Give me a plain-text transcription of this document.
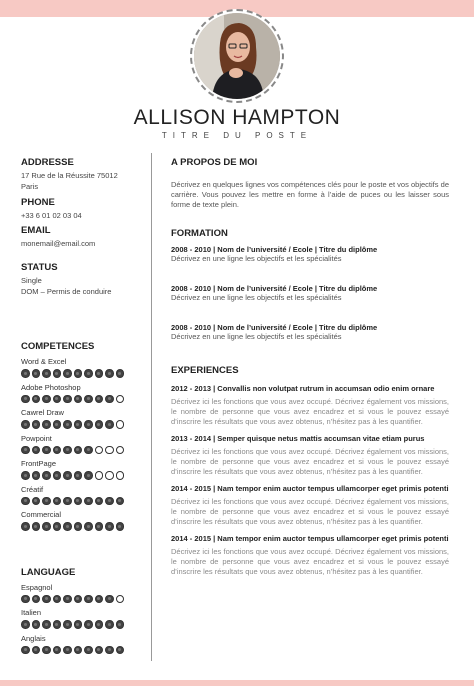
ALLISON HAMPTON
TITRE DU POSTE
ADDRESSE
17 Rue de la Réussite 75012
Paris
PHONE
+33 6 01 02 03 04
EMAIL
monemail@email.com
STATUS
Single
DOM – Permis de conduire
COMPETENCES
Word & Excel
Adobe Photoshop
Cawrel Draw
Powpoint
FrontPage
Créatif
Commercial
LANGUAGE
Espagnol
Italien
Anglais
A PROPOS DE MOI
Décrivez en quelques lignes vos compétences clés pour le poste et vos objectifs de carrière. Vous pouvez les mettre en forme à l’aide de puces ou les laisser sous forme de texte plein.
FORMATION
2008 - 2010 | Nom de l’université / Ecole | Titre du diplôme
Décrivez en une ligne les objectifs et les spécialités
2008 - 2010 | Nom de l’université / Ecole | Titre du diplôme
Décrivez en une ligne les objectifs et les spécialités
2008 - 2010 | Nom de l’université / Ecole | Titre du diplôme
Décrivez en une ligne les objectifs et les spécialités
EXPERIENCES
2012 - 2013 | Convallis non volutpat rutrum in accumsan odio enim ornare
Décrivez ici les fonctions que vous avez occupé. Décrivez également vos missions, le nombre de personne que vous avez encadrez et si vous le pouvez essayé d’inscrire les résultats que vous avez obtenus, n’hésitez pas à les quantifier.
2013 - 2014 | Semper quisque netus mattis accumsan vitae etiam purus
Décrivez ici les fonctions que vous avez occupé. Décrivez également vos missions, le nombre de personne que vous avez encadrez et si vous le pouvez essayé d’inscrire les résultats que vous avez obtenus, n’hésitez pas à les quantifier.
2014 - 2015 | Nam tempor enim auctor tempus ullamcorper eget primis potenti
Décrivez ici les fonctions que vous avez occupé. Décrivez également vos missions, le nombre de personne que vous avez encadrez et si vous le pouvez essayé d’inscrire les résultats que vous avez obtenus, n’hésitez pas à les quantifier.
2014 - 2015 | Nam tempor enim auctor tempus ullamcorper eget primis potenti
Décrivez ici les fonctions que vous avez occupé. Décrivez également vos missions, le nombre de personne que vous avez encadrez et si vous le pouvez essayé d’inscrire les résultats que vous avez obtenus, n’hésitez pas à les quantifier.
